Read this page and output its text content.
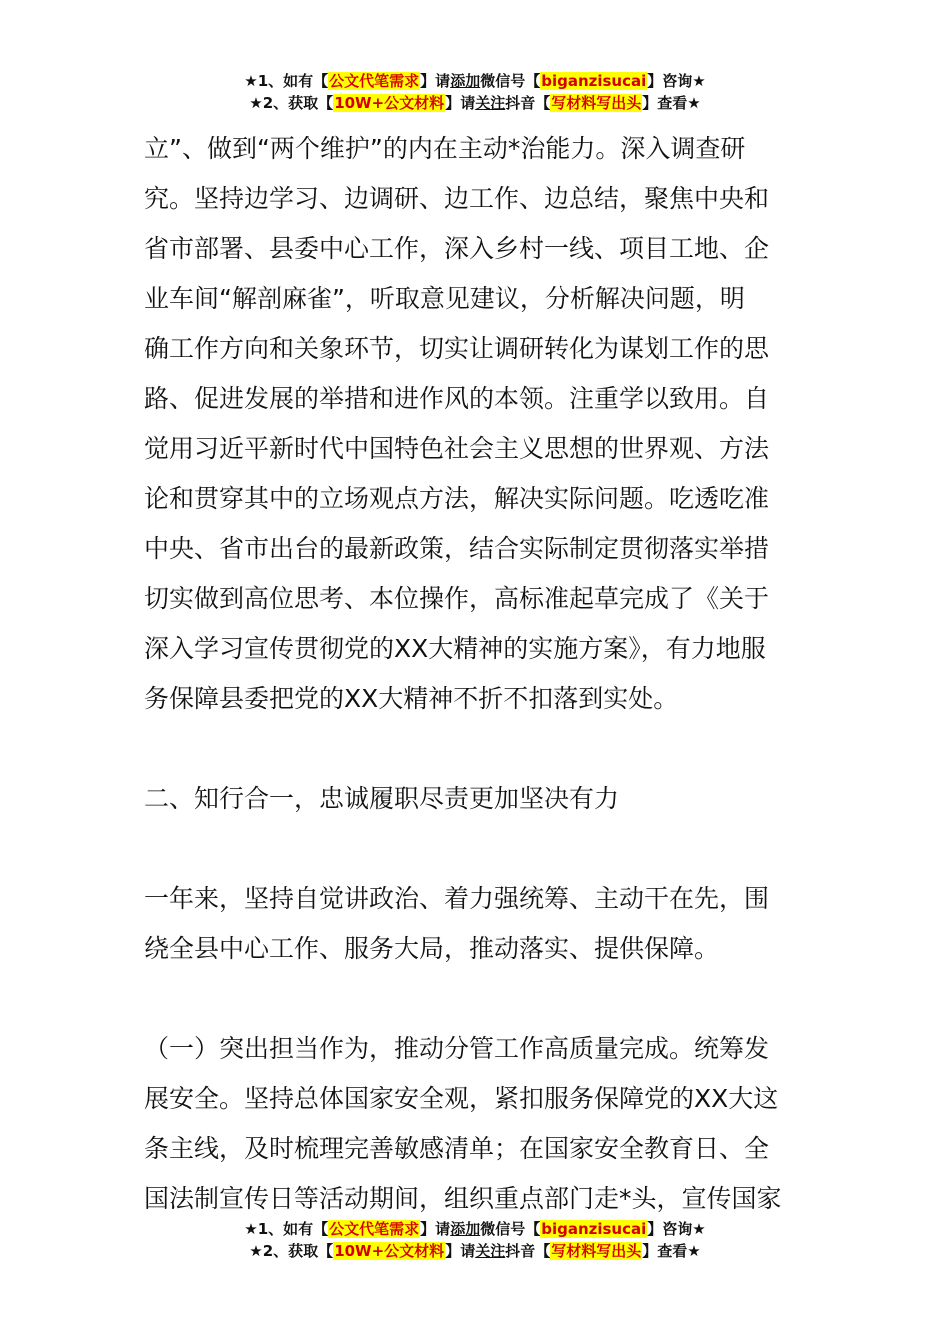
★1、如有【公文代笔需求】请添加微信号【biganzisucai】咨询★
★2、获取【10W+公文材料】请关注抖音【写材料写出头】查看★

立”、做到“两个维护”的内在主动*治能力。深入调查研

究。坚持边学习、边调研、边工作、边总结，聚焦中央和

省市部署、县委中心工作，深入乡村一线、项目工地、企

业车间“解剖麻雀”，听取意见建议，分析解决问题，明

确工作方向和关象环节，切实让调研转化为谋划工作的思

路、促进发展的举措和进作风的本领。注重学以致用。自

觉用习近平新时代中国特色社会主义思想的世界观、方法

论和贯穿其中的立场观点方法，解决实际问题。吃透吃准

中央、省市出台的最新政策，结合实际制定贯彻落实举措

切实做到高位思考、本位操作，高标准起草完成了《关于

深入学习宣传贯彻党的XX大精神的实施方案》，有力地服

务保障县委把党的XX大精神不折不扣落到实处。

二、知行合一，忠诚履职尽责更加坚决有力

一年来，坚持自觉讲政治、着力强统筹、主动干在先，围

绕全县中心工作、服务大局，推动落实、提供保障。

（一）突出担当作为，推动分管工作高质量完成。统筹发

展安全。坚持总体国家安全观，紧扣服务保障党的XX大这

条主线，及时梳理完善敏感清单；在国家安全教育日、全

国法制宣传日等活动期间，组织重点部门走*头，宣传国家

★1、如有【公文代笔需求】请添加微信号【biganzisucai】咨询★
★2、获取【10W+公文材料】请关注抖音【写材料写出头】查看★
